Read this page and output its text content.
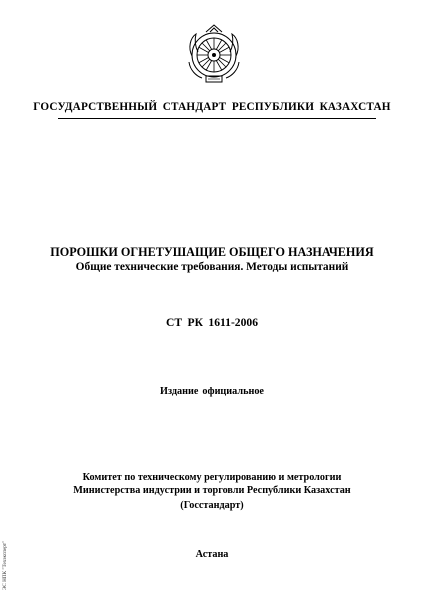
ГОСУДАРСТВЕННЫЙ СТАНДАРТ РЕСПУБЛИКИ КАЗАХСТАН
ПОРОШКИ ОГНЕТУШАЩИЕ ОБЩЕГО НАЗНАЧЕНИЯ
Общие технические требования. Методы испытаний
СТ РК 1611-2006
Издание официальное
Комитет по техническому регулированию и метрологии
Министерства индустрии и торговли Республики Казахстан
(Госстандарт)
Астана
ЭС НПК "Техэксперт"
